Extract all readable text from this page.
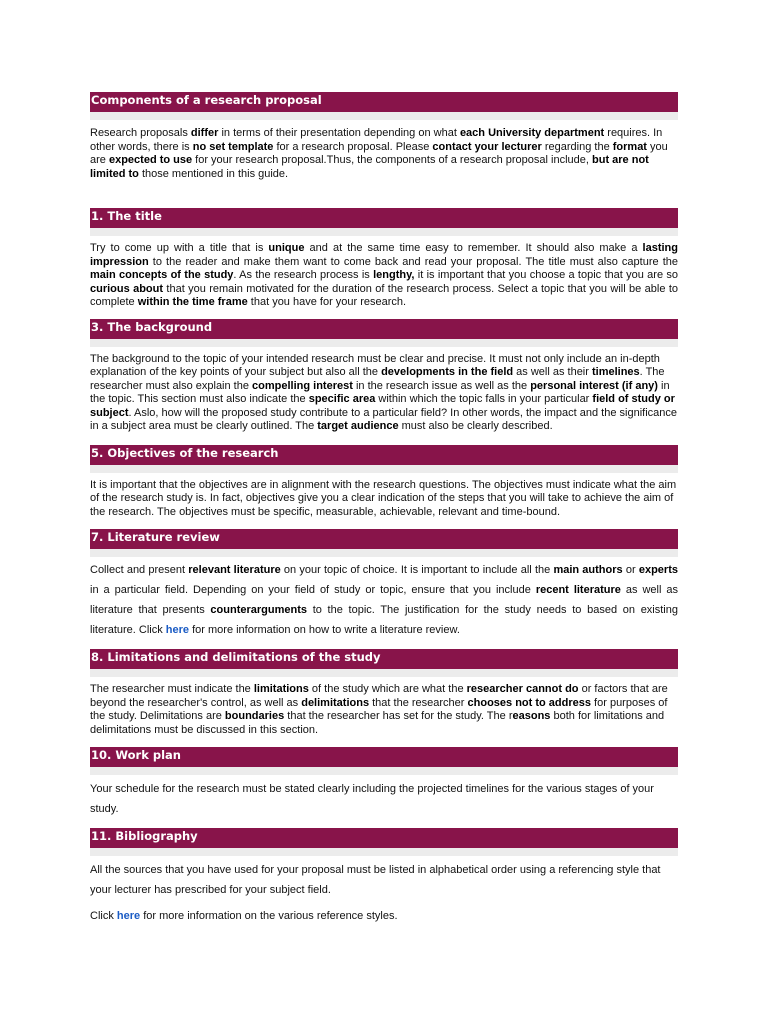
Components of a research proposal

Research proposals differ in terms of their presentation depending on what each University department requires. In other words, there is no set template for a research proposal. Please contact your lecturer regarding the format you are expected to use for your research proposal.Thus, the components of a research proposal include, but are not limited to those mentioned in this guide.

1. The title

Try to come up with a title that is unique and at the same time easy to remember. It should also make a lasting impression to the reader and make them want to come back and read your proposal. The title must also capture the main concepts of the study. As the research process is lengthy, it is important that you choose a topic that you are so curious about that you remain motivated for the duration of the research process. Select a topic that you will be able to complete within the time frame that you have for your research.

3. The background

The background to the topic of your intended research must be clear and precise. It must not only include an in-depth explanation of the key points of your subject but also all the developments in the field as well as their timelines. The researcher must also explain the compelling interest in the research issue as well as the personal interest (if any) in the topic. This section must also indicate the specific area within which the topic falls in your particular field of study or subject. Aslo, how will the proposed study contribute to a particular field? In other words, the impact and the significance in a subject area must be clearly outlined. The target audience must also be clearly described.

5. Objectives of the research

It is important that the objectives are in alignment with the research questions. The objectives must indicate what the aim of the research study is. In fact, objectives give you a clear indication of the steps that you will take to achieve the aim of the research. The objectives must be specific, measurable, achievable, relevant and time-bound.

7. Literature review

Collect and present relevant literature on your topic of choice. It is important to include all the main authors or experts in a particular field. Depending on your field of study or topic, ensure that you include recent literature as well as literature that presents counterarguments to the topic. The justification for the study needs to based on existing literature. Click here for more information on how to write a literature review.

8. Limitations and delimitations of the study

The researcher must indicate the limitations of the study which are what the researcher cannot do or factors that are beyond the researcher's control, as well as delimitations that the researcher chooses not to address for purposes of the study. Delimitations are boundaries that the researcher has set for the study. The reasons both for limitations and delimitations must be discussed in this section.

10. Work plan

Your schedule for the research must be stated clearly including the projected timelines for the various stages of your study.

11. Bibliography

All the sources that you have used for your proposal must be listed in alphabetical order using a referencing style that your lecturer has prescribed for your subject field.

Click here for more information on the various reference styles.
